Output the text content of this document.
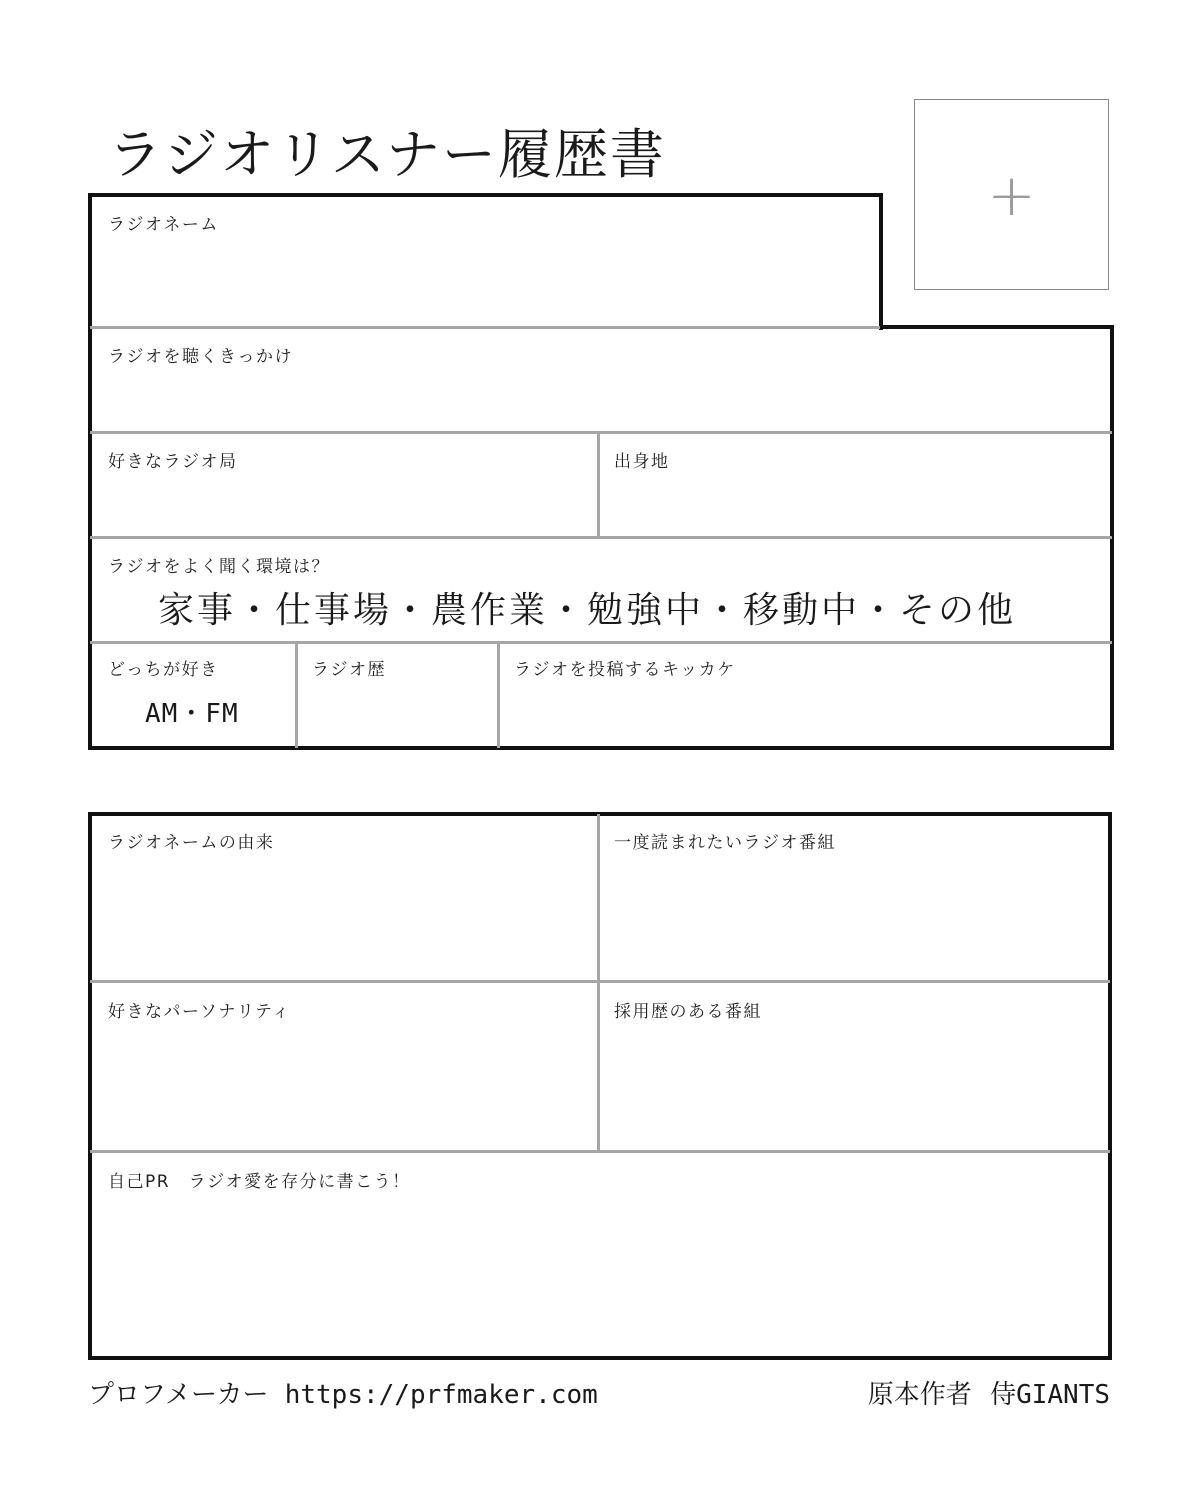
ラジオリスナー履歴書
+
ラジオネーム
ラジオを聴くきっかけ
好きなラジオ局	出身地
ラジオをよく聞く環境は？
家事・仕事場・農作業・勉強中・移動中・その他
どっちが好き
AM・FM
ラジオ歴	ラジオを投稿するキッカケ
ラジオネームの由来	一度読まれたいラジオ番組
好きなパーソナリティ	採用歴のある番組
自己PR　ラジオ愛を存分に書こう！
プロフメーカー https://prfmaker.com	原本作者 侍GIANTS
